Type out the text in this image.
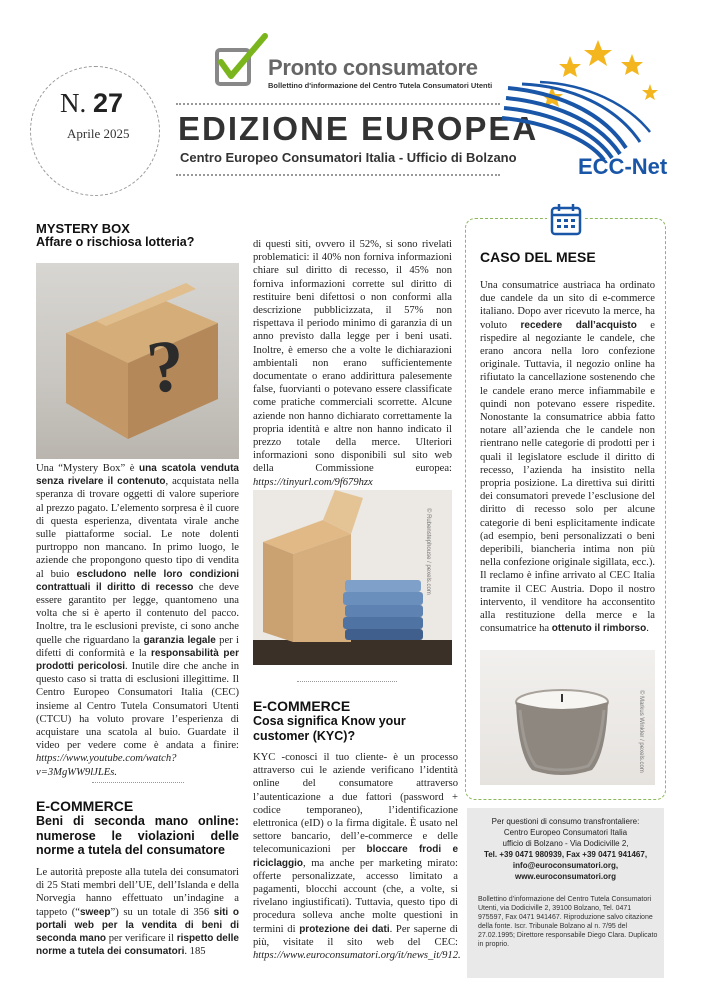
Pronto consumatore
Bollettino d'informazione del Centro Tutela Consumatori Utenti
N. 27
Aprile 2025 EDIZIONE EUROPEA
Centro Europeo Consumatori Italia - Ufficio di Bolzano	ECC-Net
MYSTERY BOX
Affare o rischiosa lotteria?
?
Una “Mystery Box” è una scatola venduta senza rivelare il contenuto, acquistata nella speranza di trovare oggetti di valore superiore al prezzo pagato. L’elemento sorpresa è il cuore di questa esperienza, diventata virale anche sulle piattaforme social. Le note dolenti purtroppo non mancano. In primo luogo, le aziende che propongono questo tipo di vendita al buio escludono nelle loro condizioni contrattuali il diritto di recesso che deve essere garantito per legge, quantomeno una volta che si è aperto il contenuto del pacco. Inoltre, tra le esclusioni previste, ci sono anche quelle che riguardano la garanzia legale per i difetti di conformità e la responsabilità per prodotti pericolosi. Inutile dire che anche in questo caso si tratta di esclusioni illegittime. Il Centro Europeo Consumatori Italia (CEC) insieme al Centro Tutela Consumatori Utenti (CTCU) ha voluto provare l’esperienza di acquistare una scatola al buio. Guardate il video per vedere come è andata a finire: https://www.youtube.com/watch?v=3MgWW9lJLEs.
E-COMMERCE
Beni di seconda mano online: numerose le violazioni delle norme a tutela del consumatore
Le autorità preposte alla tutela dei consumatori di 25 Stati membri dell’UE, dell’Islanda e della Norvegia hanno effettuato un’indagine a tappeto (“sweep”) su un totale di 356 siti o portali web per la vendita di beni di seconda mano per verificare il rispetto delle norme a tutela dei consumatori. 185
di questi siti, ovvero il 52%, si sono rivelati problematici: il 40% non forniva informazioni chiare sul diritto di recesso, il 45% non forniva informazioni corrette sul diritto di restituire beni difettosi o non conformi alla descrizione pubblicizzata, il 57% non rispettava il periodo minimo di garanzia di un anno previsto dalla legge per i beni usati. Inoltre, è emerso che a volte le dichiarazioni ambientali non erano sufficientemente documentate o erano addirittura palesemente false, fuorvianti o potevano essere classificate come pratiche commerciali scorrette. Alcune aziende non hanno dichiarato correttamente la propria identità e altre non hanno indicato il prezzo totale della merce. Ulteriori informazioni sono disponibili sul sito web della Commissione europea: https://tinyurl.com/9f679hzx
© Rubenstephouse / pexels.com
E-COMMERCE
Cosa significa Know your customer (KYC)?
KYC -conosci il tuo cliente- è un processo attraverso cui le aziende verificano l’identità online del consumatore attraverso l’autenticazione a due fattori (password + codice temporaneo), l’identificazione elettronica (eID) o la firma digitale. È usato nel settore bancario, dell’e-commerce e delle telecomunicazioni per bloccare frodi e riciclaggio, ma anche per marketing mirato: offerte personalizzate, accesso limitato a pagamenti, blocchi account (che, a volte, si rivelano ingiustificati). Tuttavia, questo tipo di procedura solleva anche molte questioni in termini di protezione dei dati. Per saperne di più, visitate il sito web del CEC: https://www.euroconsumatori.org/it/news_it/912.
CASO DEL MESE
Una consumatrice austriaca ha ordinato due candele da un sito di e-commerce italiano. Dopo aver ricevuto la merce, ha voluto recedere dall’acquisto e rispedire al negoziante le candele, che erano ancora nella loro confezione originale. Tuttavia, il negozio online ha rifiutato la cancellazione sostenendo che le candele erano merce infiammabile e quindi non potevano essere rispedite. Nonostante la consumatrice abbia fatto notare all’azienda che le candele non rientrano nelle categorie di prodotti per i quali il legislatore esclude il diritto di recesso, l’azienda ha insistito nella propria posizione. La direttiva sui diritti dei consumatori prevede l’esclusione del diritto di recesso solo per alcune categorie di beni esplicitamente indicate (ad esempio, beni personalizzati o beni deperibili, biancheria intima non più nella confezione originale sigillata, ecc.). Il reclamo è infine arrivato al CEC Italia tramite il CEC Austria. Dopo il nostro intervento, il venditore ha acconsentito alla restituzione della merce e la consumatrice ha ottenuto il rimborso.
© Markus Winkler / pexels.com
Per questioni di consumo transfrontaliere:
Centro Europeo Consumatori Italia
ufficio di Bolzano - Via Dodiciville 2,
Tel. +39 0471 980939, Fax +39 0471 941467,
info@euroconsumatori.org,
www.euroconsumatori.org
Bollettino d’informazione del Centro Tutela Consumatori Utenti, via Dodiciville 2, 39100 Bolzano, Tel. 0471 975597, Fax 0471 941467. Riproduzione salvo citazione della fonte. Iscr. Tribunale Bolzano al n. 7/95 del 27.02.1995; Direttore responsabile Diego Clara. Duplicato in proprio.
